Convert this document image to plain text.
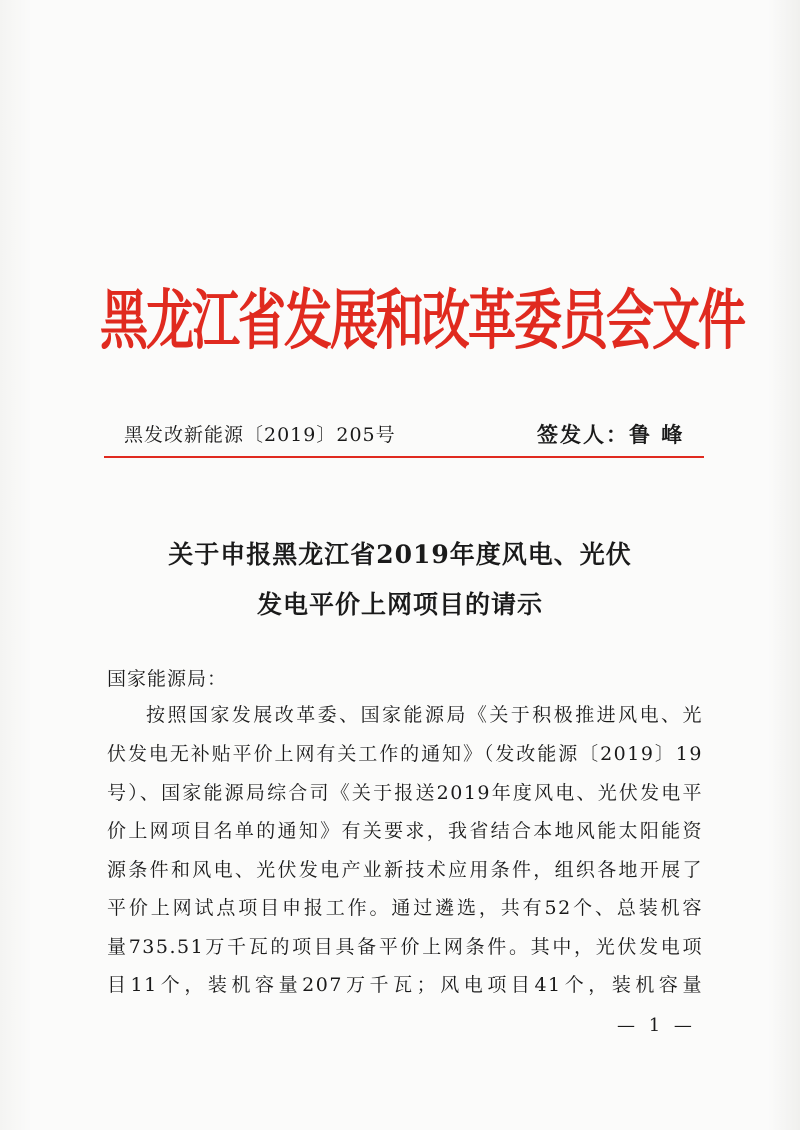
黑龙江省发展和改革委员会文件
黑发改新能源〔2019〕205号	签发人：鲁 峰
关于申报黑龙江省2019年度风电、光伏
发电平价上网项目的请示
国家能源局：
按照国家发展改革委、国家能源局《关于积极推进风电、光
伏发电无补贴平价上网有关工作的通知》（发改能源〔2019〕19
号）、国家能源局综合司《关于报送2019年度风电、光伏发电平
价上网项目名单的通知》有关要求，我省结合本地风能太阳能资
源条件和风电、光伏发电产业新技术应用条件，组织各地开展了
平价上网试点项目申报工作。通过遴选，共有52个、总装机容
量735.51万千瓦的项目具备平价上网条件。其中，光伏发电项
目11个，装机容量207万千瓦；风电项目41个，装机容量
— 1 —
